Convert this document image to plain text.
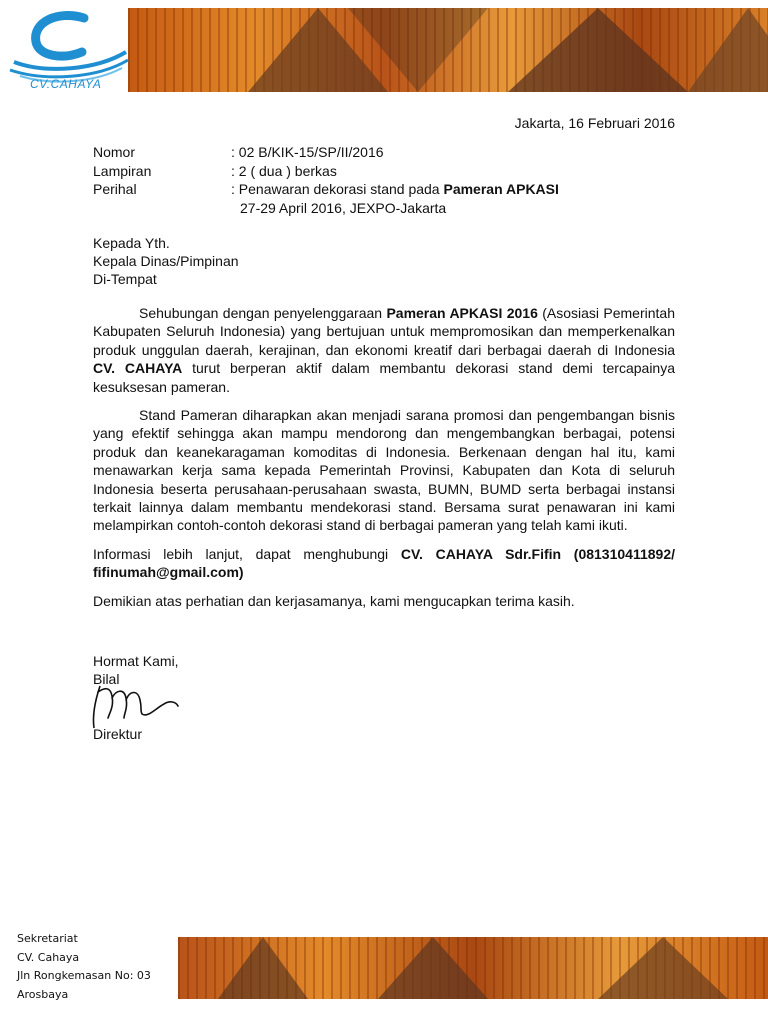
CV.CAHAYA
Jakarta, 16 Februari 2016
Nomor	: 02 B/KIK-15/SP/II/2016
Lampiran	: 2 ( dua ) berkas
Perihal	: Penawaran dekorasi stand pada Pameran APKASI
27-29 April 2016, JEXPO-Jakarta
Kepada Yth.
Kepala Dinas/Pimpinan
Di-Tempat

Sehubungan dengan penyelenggaraan Pameran APKASI 2016 (Asosiasi Pemerintah Kabupaten Seluruh Indonesia) yang bertujuan untuk mempromosikan dan memperkenalkan produk unggulan daerah, kerajinan, dan ekonomi kreatif dari berbagai daerah di Indonesia CV. CAHAYA turut berperan aktif dalam membantu dekorasi stand demi tercapainya kesuksesan pameran.

Stand Pameran diharapkan akan menjadi sarana promosi dan pengembangan bisnis yang efektif sehingga akan mampu mendorong dan mengembangkan berbagai, potensi produk dan keanekaragaman komoditas di Indonesia. Berkenaan dengan hal itu, kami menawarkan kerja sama kepada Pemerintah Provinsi, Kabupaten dan Kota di seluruh Indonesia beserta perusahaan-perusahaan swasta, BUMN, BUMD serta berbagai instansi terkait lainnya dalam membantu mendekorasi stand. Bersama surat penawaran ini kami melampirkan contoh-contoh dekorasi stand di berbagai pameran yang telah kami ikuti.

Informasi lebih lanjut, dapat menghubungi CV. CAHAYA Sdr.Fifin (081310411892/ fifinumah@gmail.com)

Demikian atas perhatian dan kerjasamanya, kami mengucapkan terima kasih.

Hormat Kami,
Bilal
Direktur
Sekretariat
CV. Cahaya
Jln Rongkemasan No: 03
Arosbaya
